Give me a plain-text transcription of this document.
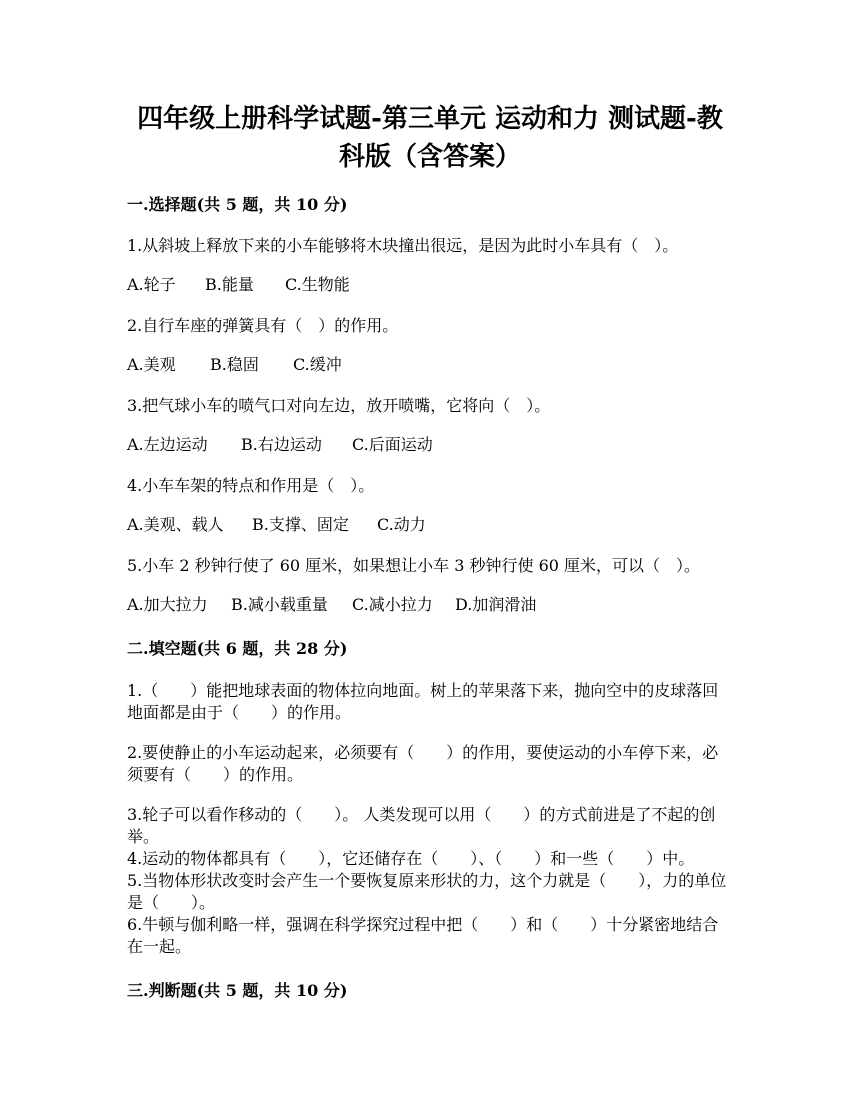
四年级上册科学试题-第三单元 运动和力 测试题-教科版（含答案）

一.选择题(共 5 题，共 10 分)

1.从斜坡上释放下来的小车能够将木块撞出很远，是因为此时小车具有（　）。

A.轮子 B.能量 C.生物能

2.自行车座的弹簧具有（　）的作用。

A.美观 B.稳固 C.缓冲

3.把气球小车的喷气口对向左边，放开喷嘴，它将向（　）。

A.左边运动 B.右边运动 C.后面运动

4.小车车架的特点和作用是（　）。

A.美观、载人 B.支撑、固定 C.动力

5.小车 2 秒钟行使了 60 厘米，如果想让小车 3 秒钟行使 60 厘米，可以（　）。

A.加大拉力 B.减小载重量 C.减小拉力 D.加润滑油

二.填空题(共 6 题，共 28 分)

1.（　　）能把地球表面的物体拉向地面。树上的苹果落下来，抛向空中的皮球落回地面都是由于（　　）的作用。

2.要使静止的小车运动起来，必须要有（　　）的作用，要使运动的小车停下来，必须要有（　　）的作用。

3.轮子可以看作移动的（　　）。 人类发现可以用（　　）的方式前进是了不起的创举。

4.运动的物体都具有（　　），它还储存在（　　）、（　　）和一些（　　）中。

5.当物体形状改变时会产生一个要恢复原来形状的力，这个力就是（　　），力的单位是（　　）。

6.牛顿与伽利略一样，强调在科学探究过程中把（　　）和（　　）十分紧密地结合在一起。

三.判断题(共 5 题，共 10 分)
